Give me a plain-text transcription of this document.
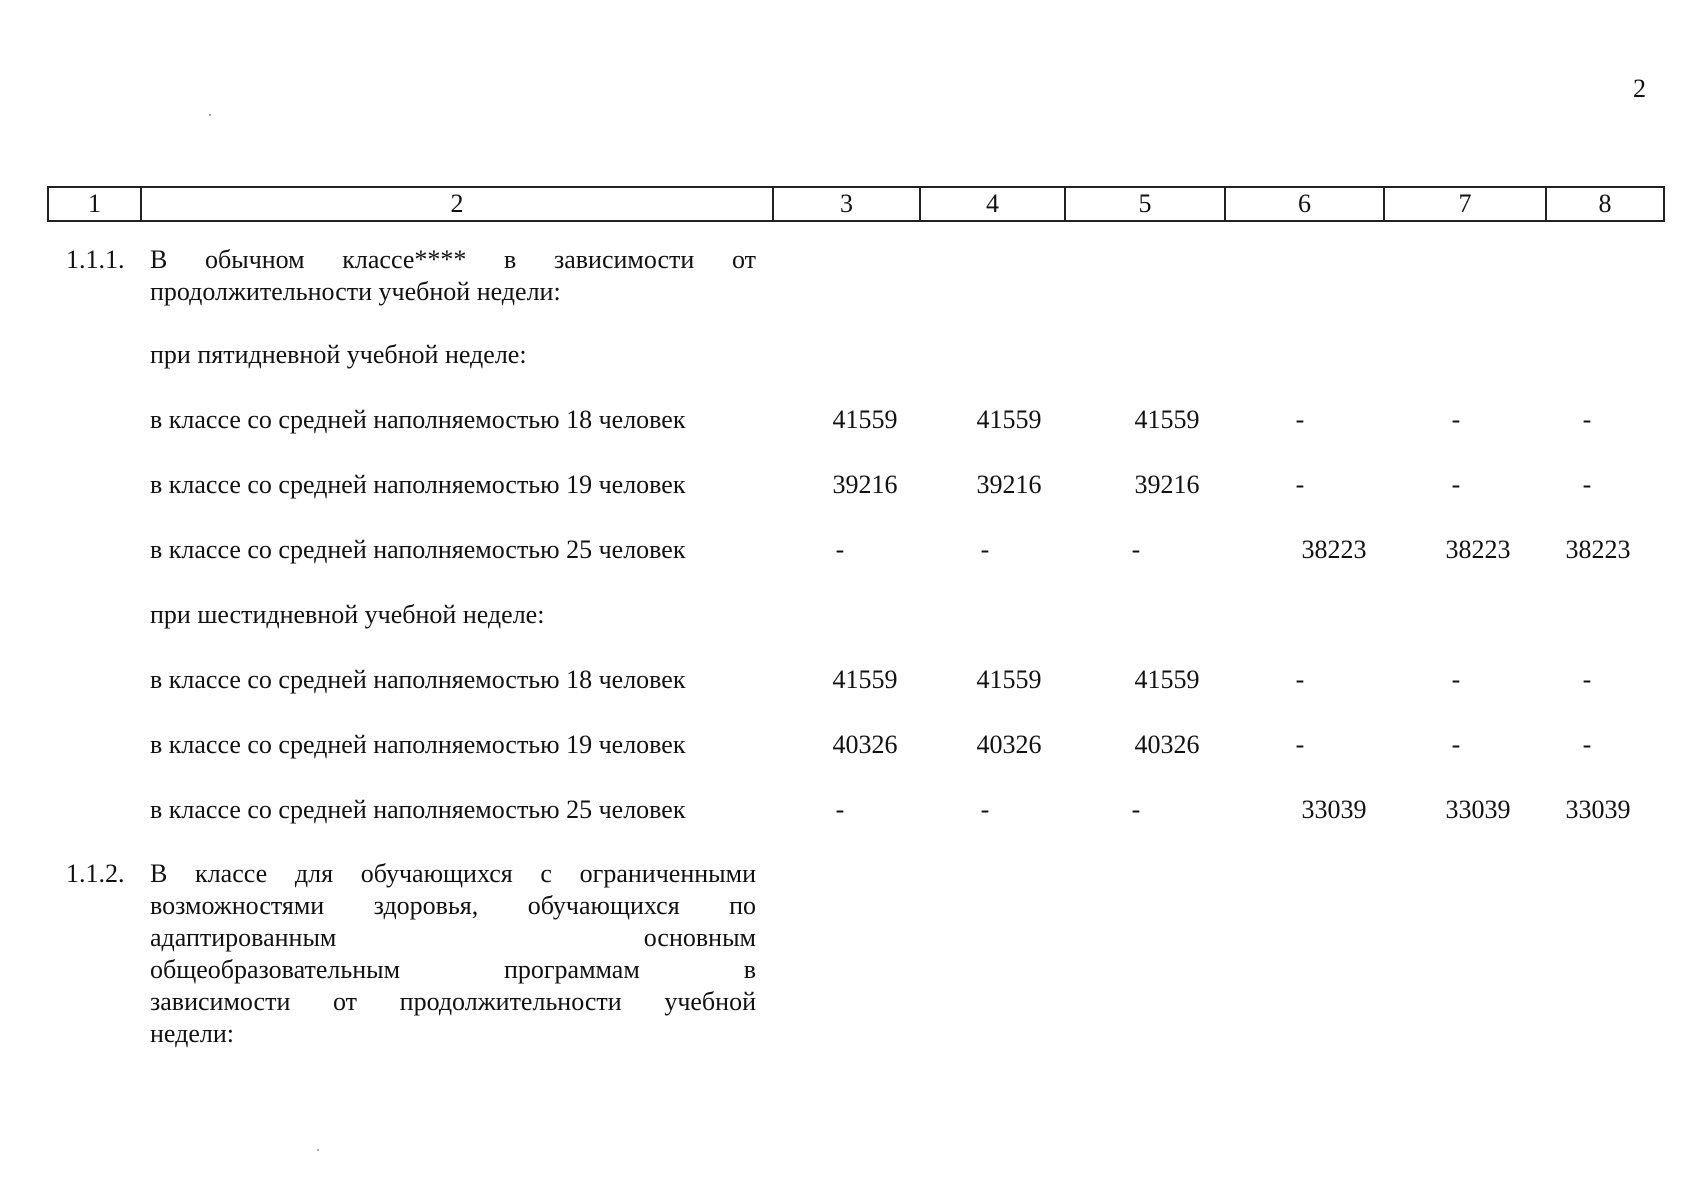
2
1	2	3	4	5	6	7	8
1.1.1. В обычном классе**** в зависимости от
продолжительности учебной недели:
при пятидневной учебной неделе:
в классе со средней наполняемостью 18 человек	41559	41559	41559	-	-	-
в классе со средней наполняемостью 19 человек	39216	39216	39216	-	-	-
в классе со средней наполняемостью 25 человек	-	-	-	38223	38223	38223
при шестидневной учебной неделе:
в классе со средней наполняемостью 18 человек	41559	41559	41559	-	-	-
в классе со средней наполняемостью 19 человек	40326	40326	40326	-	-	-
в классе со средней наполняемостью 25 человек	-	-	-	33039	33039	33039
1.1.2. В классе для обучающихся с ограниченными
возможностями здоровья, обучающихся по
адаптированным основным
общеобразовательным программам в
зависимости от продолжительности учебной
недели:
